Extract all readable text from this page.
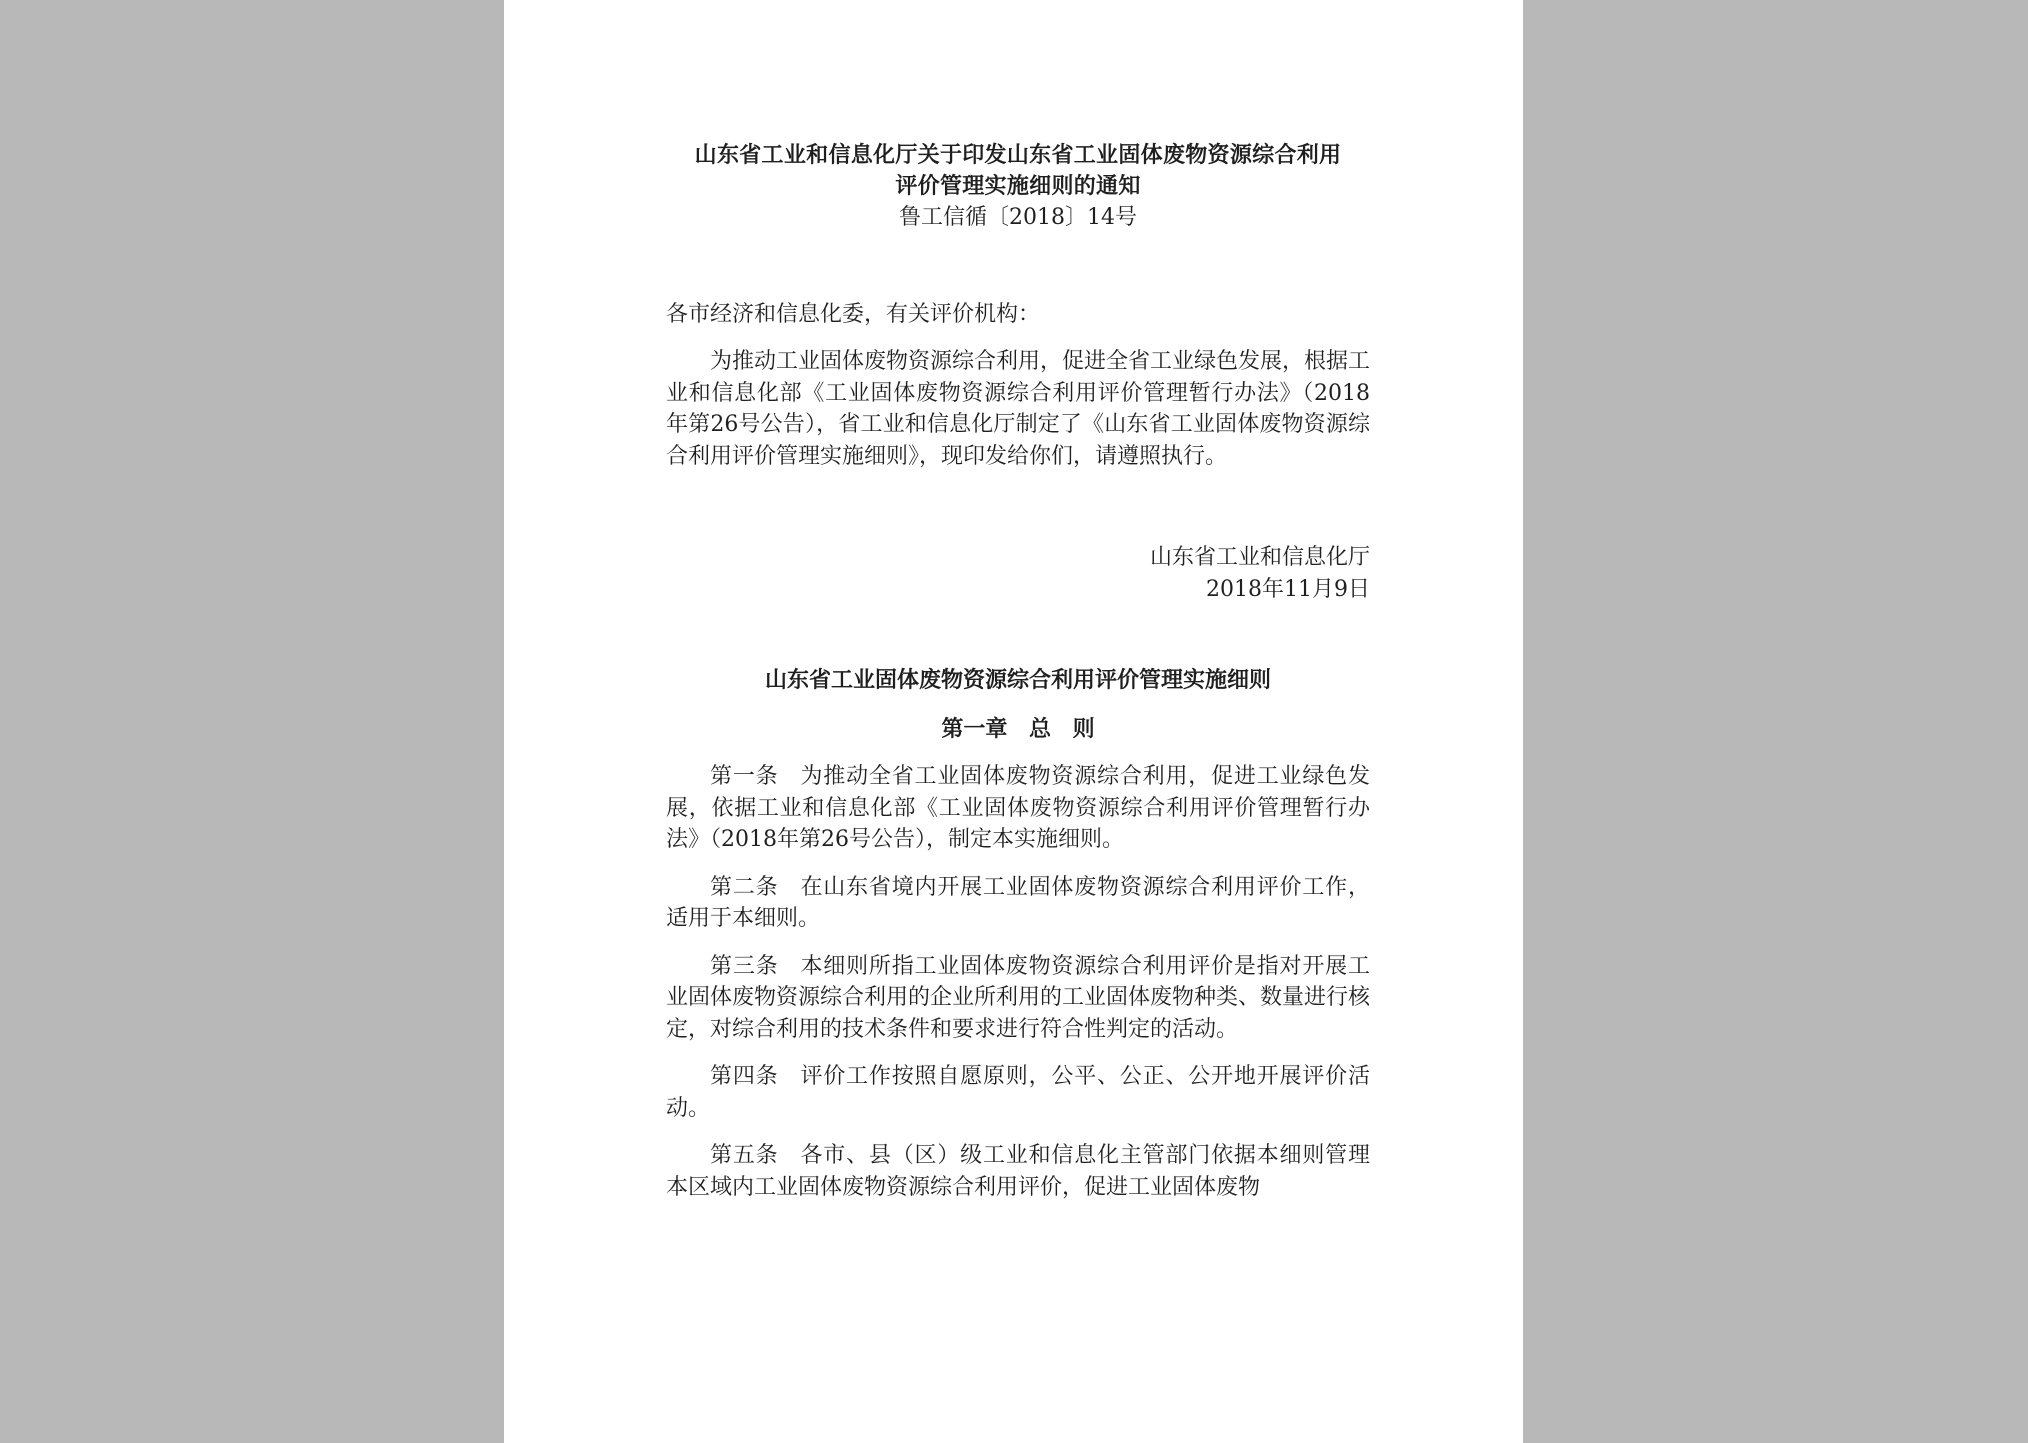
山东省工业和信息化厅关于印发山东省工业固体废物资源综合利用
评价管理实施细则的通知
鲁工信循〔2018〕14号
各市经济和信息化委，有关评价机构：

为推动工业固体废物资源综合利用，促进全省工业绿色发展，根据工业和信息化部《工业固体废物资源综合利用评价管理暂行办法》（2018年第26号公告），省工业和信息化厅制定了《山东省工业固体废物资源综合利用评价管理实施细则》，现印发给你们，请遵照执行。

山东省工业和信息化厅
2018年11月9日
山东省工业固体废物资源综合利用评价管理实施细则
第一章 总 则

第一条 为推动全省工业固体废物资源综合利用，促进工业绿色发展，依据工业和信息化部《工业固体废物资源综合利用评价管理暂行办法》（2018年第26号公告），制定本实施细则。

第二条 在山东省境内开展工业固体废物资源综合利用评价工作，适用于本细则。

第三条 本细则所指工业固体废物资源综合利用评价是指对开展工业固体废物资源综合利用的企业所利用的工业固体废物种类、数量进行核定，对综合利用的技术条件和要求进行符合性判定的活动。

第四条 评价工作按照自愿原则，公平、公正、公开地开展评价活动。

第五条 各市、县（区）级工业和信息化主管部门依据本细则管理本区域内工业固体废物资源综合利用评价，促进工业固体废物
